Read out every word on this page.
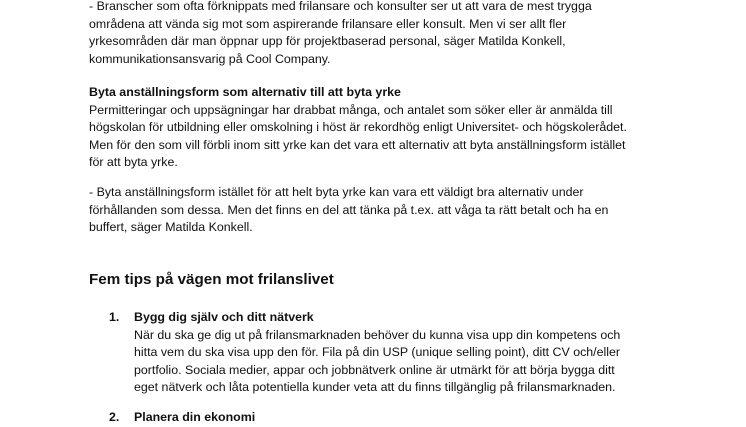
- Branscher som ofta förknippats med frilansare och konsulter ser ut att vara de mest trygga
områdena att vända sig mot som aspirerande frilansare eller konsult. Men vi ser allt fler
yrkesområden där man öppnar upp för projektbaserad personal, säger Matilda Konkell,
kommunikationsansvarig på Cool Company.
Byta anställningsform som alternativ till att byta yrke
Permitteringar och uppsägningar har drabbat många, och antalet som söker eller är anmälda till
högskolan för utbildning eller omskolning i höst är rekordhög enligt Universitet- och högskolerådet.
Men för den som vill förbli inom sitt yrke kan det vara ett alternativ att byta anställningsform istället
för att byta yrke.
- Byta anställningsform istället för att helt byta yrke kan vara ett väldigt bra alternativ under
förhållanden som dessa. Men det finns en del att tänka på t.ex. att våga ta rätt betalt och ha en
buffert, säger Matilda Konkell.
Fem tips på vägen mot frilanslivet
1. Bygg dig själv och ditt nätverk
När du ska ge dig ut på frilansmarknaden behöver du kunna visa upp din kompetens och
hitta vem du ska visa upp den för. Fila på din USP (unique selling point), ditt CV och/eller
portfolio. Sociala medier, appar och jobbnätverk online är utmärkt för att börja bygga ditt
eget nätverk och låta potentiella kunder veta att du finns tillgänglig på frilansmarknaden.
2. Planera din ekonomi
